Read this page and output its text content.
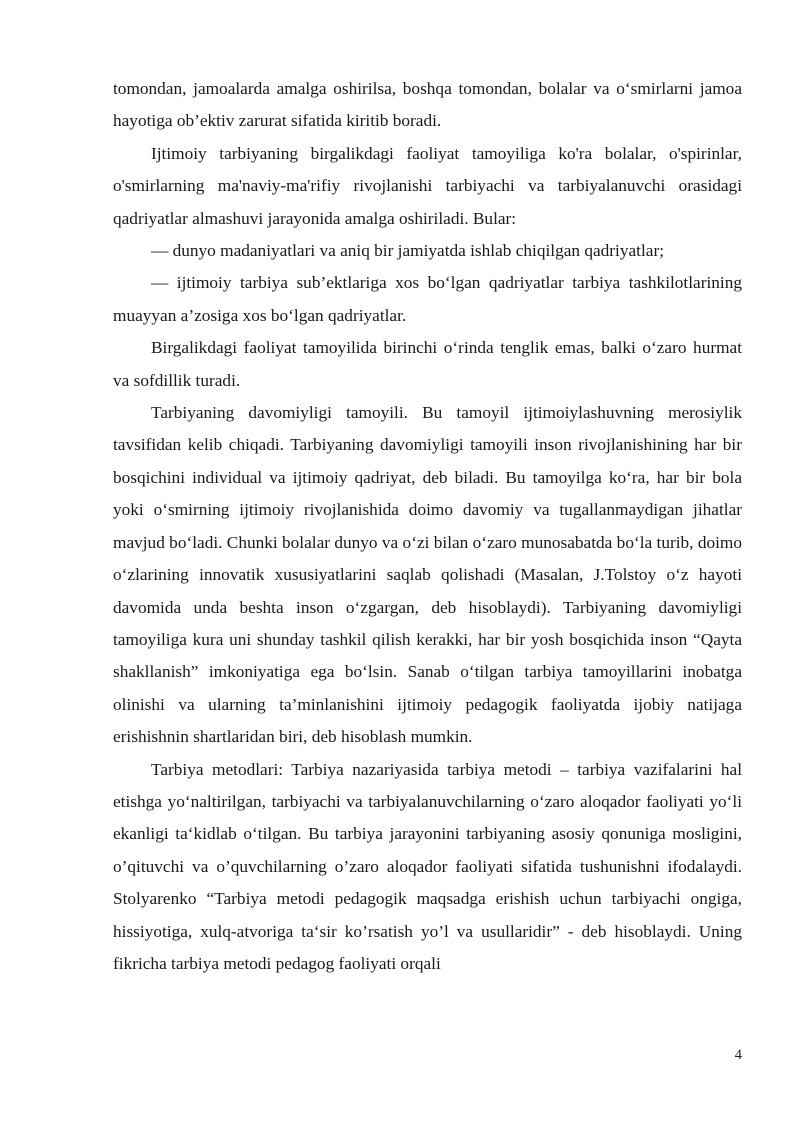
tomondan, jamoalarda amalga oshirilsa, boshqa tomondan, bolalar va o‘smirlarni jamoa hayotiga ob’ektiv zarurat sifatida kiritib boradi.

Ijtimoiy tarbiyaning birgalikdagi faoliyat tamoyiliga ko'ra bolalar, o'spirinlar, o'smirlarning ma'naviy-ma'rifiy rivojlanishi tarbiyachi va tarbiyalanuvchi orasidagi qadriyatlar almashuvi jarayonida amalga oshiriladi. Bular:

— dunyo madaniyatlari va aniq bir jamiyatda ishlab chiqilgan qadriyatlar;

— ijtimoiy tarbiya sub’ektlariga xos bo‘lgan qadriyatlar tarbiya tashkilotlarining muayyan a’zosiga xos bo‘lgan qadriyatlar.

Birgalikdagi faoliyat tamoyilida birinchi o‘rinda tenglik emas, balki o‘zaro hurmat va sofdillik turadi.

Tarbiyaning davomiyligi tamoyili. Bu tamoyil ijtimoiylashuvning merosiylik tavsifidan kelib chiqadi. Tarbiyaning davomiyligi tamoyili inson rivojlanishining har bir bosqichini individual va ijtimoiy qadriyat, deb biladi. Bu tamoyilga ko‘ra, har bir bola yoki o‘smirning ijtimoiy rivojlanishida doimo davomiy va tugallanmaydigan jihatlar mavjud bo‘ladi. Chunki bolalar dunyo va o‘zi bilan o‘zaro munosabatda bo‘la turib, doimo o‘zlarining innovatik xususiyatlarini saqlab qolishadi (Masalan, J.Tolstoy o‘z hayoti davomida unda beshta inson o‘zgargan, deb hisoblaydi). Tarbiyaning davomiyligi tamoyiliga kura uni shunday tashkil qilish kerakki, har bir yosh bosqichida inson “Qayta shakllanish” imkoniyatiga ega bo‘lsin. Sanab o‘tilgan tarbiya tamoyillarini inobatga olinishi va ularning ta’minlanishini ijtimoiy pedagogik faoliyatda ijobiy natijaga erishishnin shartlaridan biri, deb hisoblash mumkin.

Tarbiya metodlari: Tarbiya nazariyasida tarbiya metodi – tarbiya vazifalarini hal etishga yo‘naltirilgan, tarbiyachi va tarbiyalanuvchilarning o‘zaro aloqador faoliyati yo‘li ekanligi ta‘kidlab o‘tilgan. Bu tarbiya jarayonini tarbiyaning asosiy qonuniga mosligini, o’qituvchi va o’quvchilarning o’zaro aloqador faoliyati sifatida tushunishni ifodalaydi. Stolyarenko “Tarbiya metodi pedagogik maqsadga erishish uchun tarbiyachi ongiga, hissiyotiga, xulq-atvoriga ta‘sir ko’rsatish yo’l va usullaridir” - deb hisoblaydi. Uning fikricha tarbiya metodi pedagog faoliyati orqali

4
